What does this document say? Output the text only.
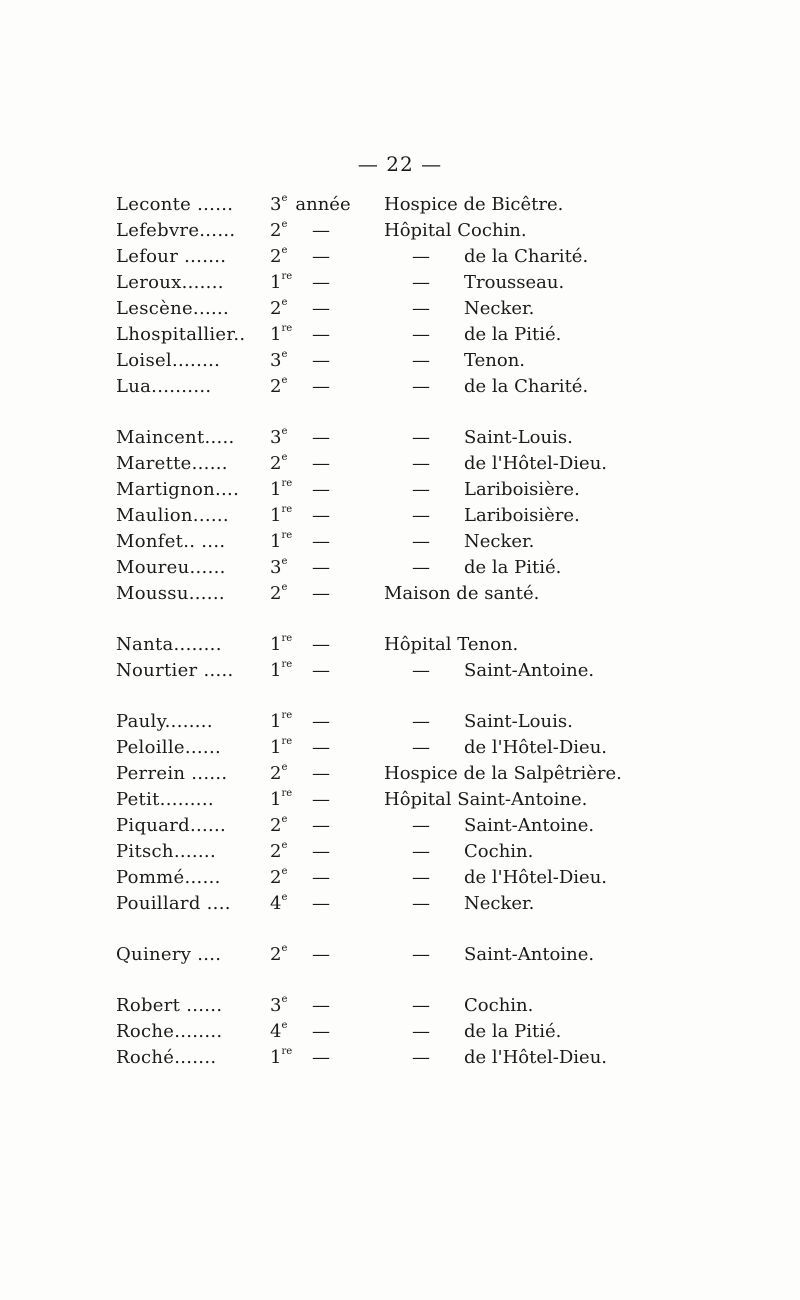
— 22 —
Leconte ...... 3e année Hospice de Bicêtre.
Lefebvre...... 2e —	Hôpital Cochin.
Lefour ....... 2e —	— de la Charité.
Leroux.......	1re —	— Trousseau.
Lescène...... 2e —	— Necker.
Lhospitallier.. 1re —	— de la Pitié.
Loisel........	3e —	— Tenon.
Lua..........	2e —	— de la Charité.
Maincent..... 3e —	— Saint-Louis.
Marette...... 2e —	— de l'Hôtel-Dieu.
Martignon.... 1re —	— Lariboisière.
Maulion...... 1re —	— Lariboisière.
Monfet.. .... 1re —	— Necker.
Moureu...... 3e —	— de la Pitié.
Moussu......	2e —	Maison de santé.
Nanta........	1re —	Hôpital Tenon.
Nourtier ..... 1re —	— Saint-Antoine.
Pauly........	1re —	— Saint-Louis.
Peloille......	1re —	— de l'Hôtel-Dieu.
Perrein ...... 2e —	Hospice de la Salpêtrière.
Petit.........	1re —	Hôpital Saint-Antoine.
Piquard...... 2e —	— Saint-Antoine.
Pitsch.......	2e —	— Cochin.
Pommé......	2e —	— de l'Hôtel-Dieu.
Pouillard .... 4e —	— Necker.
Quinery ....	2e —	— Saint-Antoine.
Robert ......	3e —	— Cochin.
Roche........	4e —	— de la Pitié.
Roché.......	1re —	— de l'Hôtel-Dieu.
